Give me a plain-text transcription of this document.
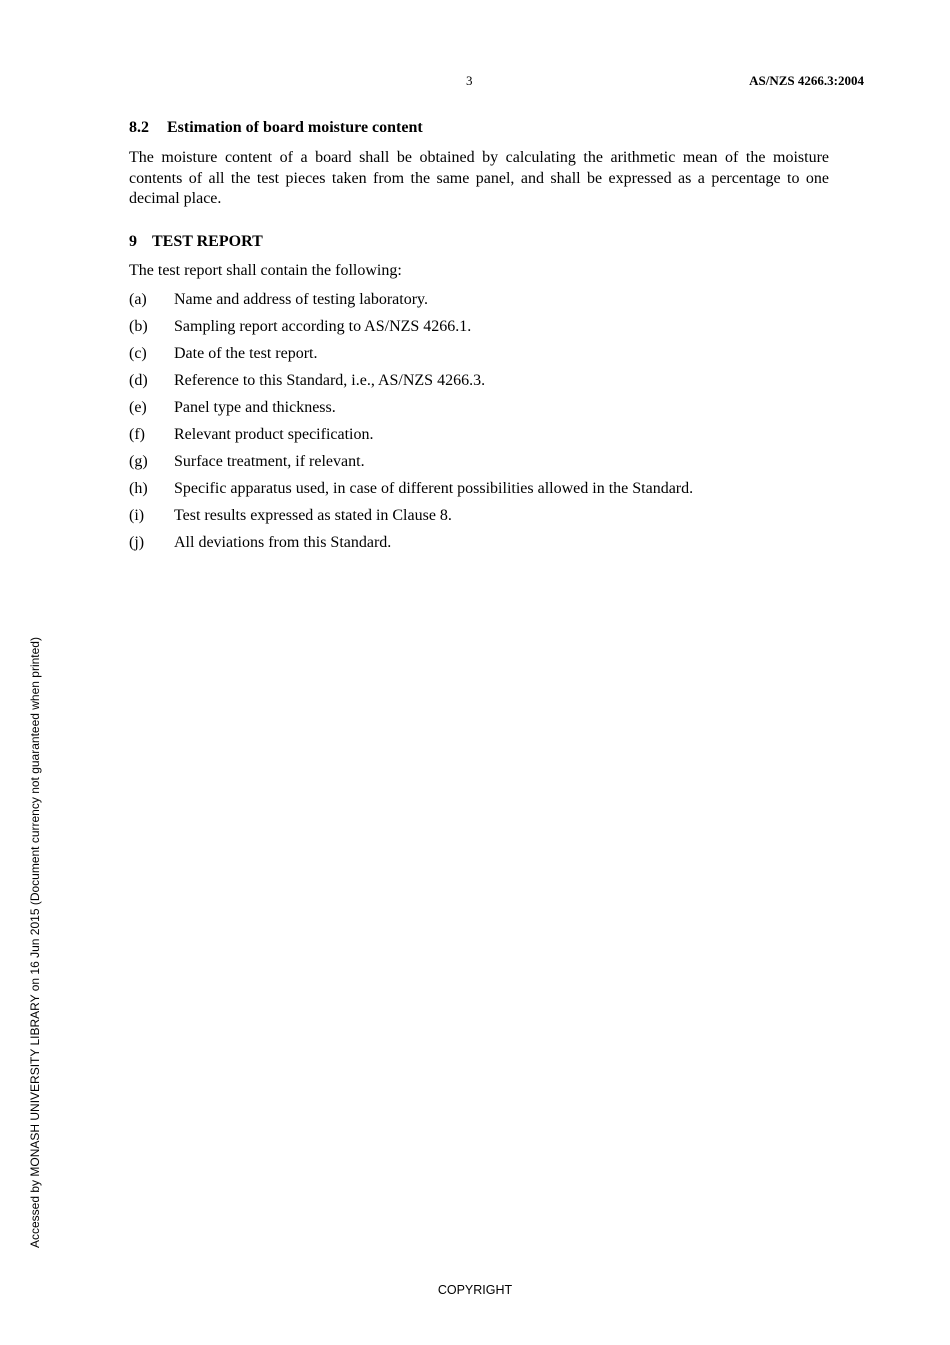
3	AS/NZS 4266.3:2004
8.2 Estimation of board moisture content

The moisture content of a board shall be obtained by calculating the arithmetic mean of the moisture contents of all the test pieces taken from the same panel, and shall be expressed as a percentage to one decimal place.

9 TEST REPORT

The test report shall contain the following:

(a)	Name and address of testing laboratory.
(b)	Sampling report according to AS/NZS 4266.1.
(c)	Date of the test report.
(d)	Reference to this Standard, i.e., AS/NZS 4266.3.
(e)	Panel type and thickness.
(f)	Relevant product specification.
(g)	Surface treatment, if relevant.
(h)	Specific apparatus used, in case of different possibilities allowed in the Standard.
(i)	Test results expressed as stated in Clause 8.
(j)	All deviations from this Standard.
Accessed by MONASH UNIVERSITY LIBRARY on 16 Jun 2015 (Document currency not guaranteed when printed)
COPYRIGHT
